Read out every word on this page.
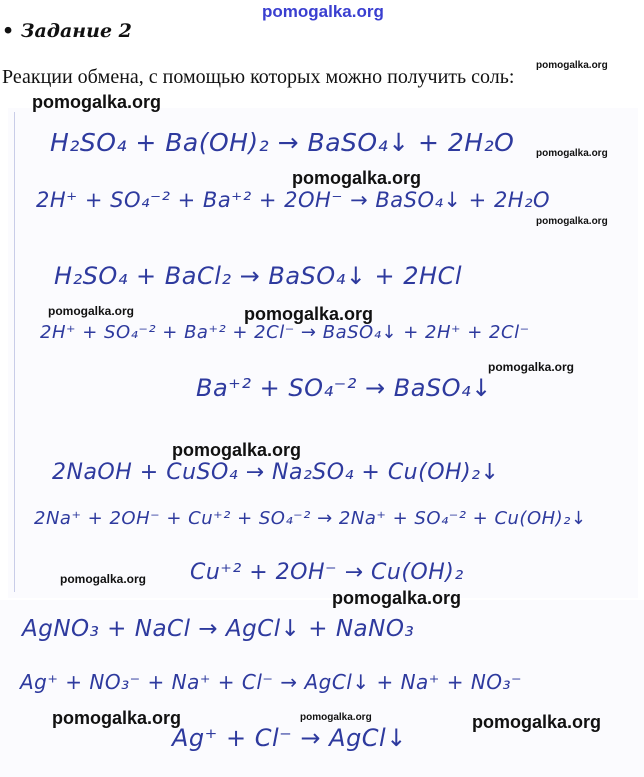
pomogalka.org
• Задание 2
Реакции обмена, с помощью которых можно получить соль:
H₂SO₄ + Ba(OH)₂ → BaSO₄↓ + 2H₂O
2H⁺ + SO₄⁻² + Ba⁺² + 2OH⁻ → BaSO₄↓ + 2H₂O
H₂SO₄ + BaCl₂ → BaSO₄↓ + 2HCl
2H⁺ + SO₄⁻² + Ba⁺² + 2Cl⁻ → BaSO₄↓ + 2H⁺ + 2Cl⁻
Ba⁺² + SO₄⁻² → BaSO₄↓
2NaOH + CuSO₄ → Na₂SO₄ + Cu(OH)₂↓
2Na⁺ + 2OH⁻ + Cu⁺² + SO₄⁻² → 2Na⁺ + SO₄⁻² + Cu(OH)₂↓
Cu⁺² + 2OH⁻ → Cu(OH)₂
AgNO₃ + NaCl → AgCl↓ + NaNO₃
Ag⁺ + NO₃⁻ + Na⁺ + Cl⁻ → AgCl↓ + Na⁺ + NO₃⁻
Ag⁺ + Cl⁻ → AgCl↓
pomogalka.org
pomogalka.org
pomogalka.org
pomogalka.org
pomogalka.org
pomogalka.org	pomogalka.org
pomogalka.org
pomogalka.org
pomogalka.org
pomogalka.org
pomogalka.org	pomogalka.org	pomogalka.org
